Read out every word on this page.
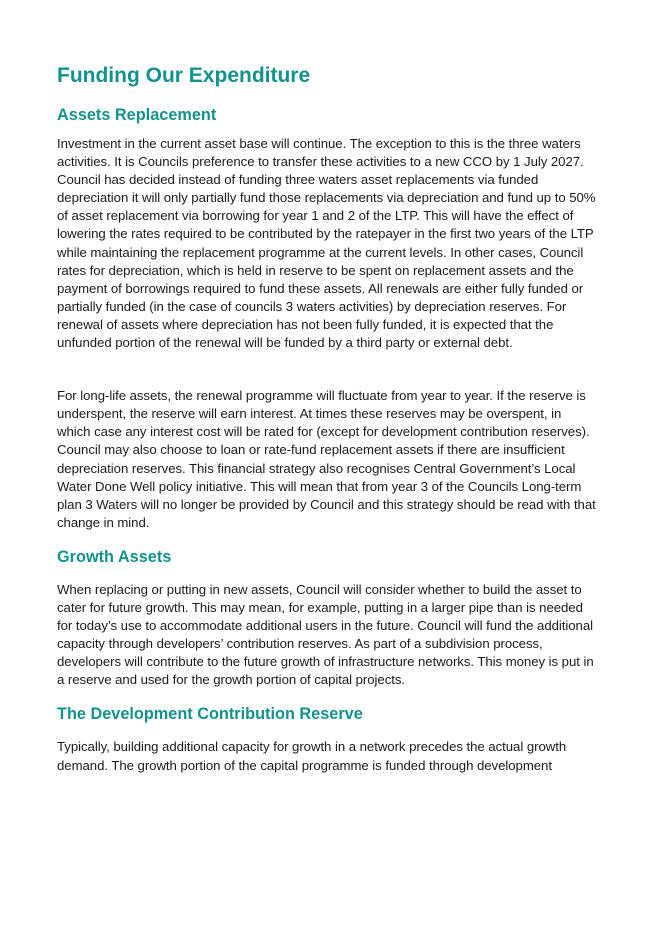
Funding Our Expenditure
Assets Replacement

Investment in the current asset base will continue. The exception to this is the three waters activities. It is Councils preference to transfer these activities to a new CCO by 1 July 2027. Council has decided instead of funding three waters asset replacements via funded depreciation it will only partially fund those replacements via depreciation and fund up to 50% of asset replacement via borrowing for year 1 and 2 of the LTP. This will have the effect of lowering the rates required to be contributed by the ratepayer in the first two years of the LTP while maintaining the replacement programme at the current levels. In other cases, Council rates for depreciation, which is held in reserve to be spent on replacement assets and the payment of borrowings required to fund these assets. All renewals are either fully funded or partially funded (in the case of councils 3 waters activities) by depreciation reserves. For renewal of assets where depreciation has not been fully funded, it is expected that the unfunded portion of the renewal will be funded by a third party or external debt.

For long-life assets, the renewal programme will fluctuate from year to year. If the reserve is underspent, the reserve will earn interest. At times these reserves may be overspent, in which case any interest cost will be rated for (except for development contribution reserves). Council may also choose to loan or rate-fund replacement assets if there are insufficient depreciation reserves. This financial strategy also recognises Central Government’s Local Water Done Well policy initiative. This will mean that from year 3 of the Councils Long-term plan 3 Waters will no longer be provided by Council and this strategy should be read with that change in mind.

Growth Assets

When replacing or putting in new assets, Council will consider whether to build the asset to cater for future growth. This may mean, for example, putting in a larger pipe than is needed for today’s use to accommodate additional users in the future. Council will fund the additional capacity through developers’ contribution reserves. As part of a subdivision process, developers will contribute to the future growth of infrastructure networks. This money is put in a reserve and used for the growth portion of capital projects.

The Development Contribution Reserve

Typically, building additional capacity for growth in a network precedes the actual growth demand. The growth portion of the capital programme is funded through development
